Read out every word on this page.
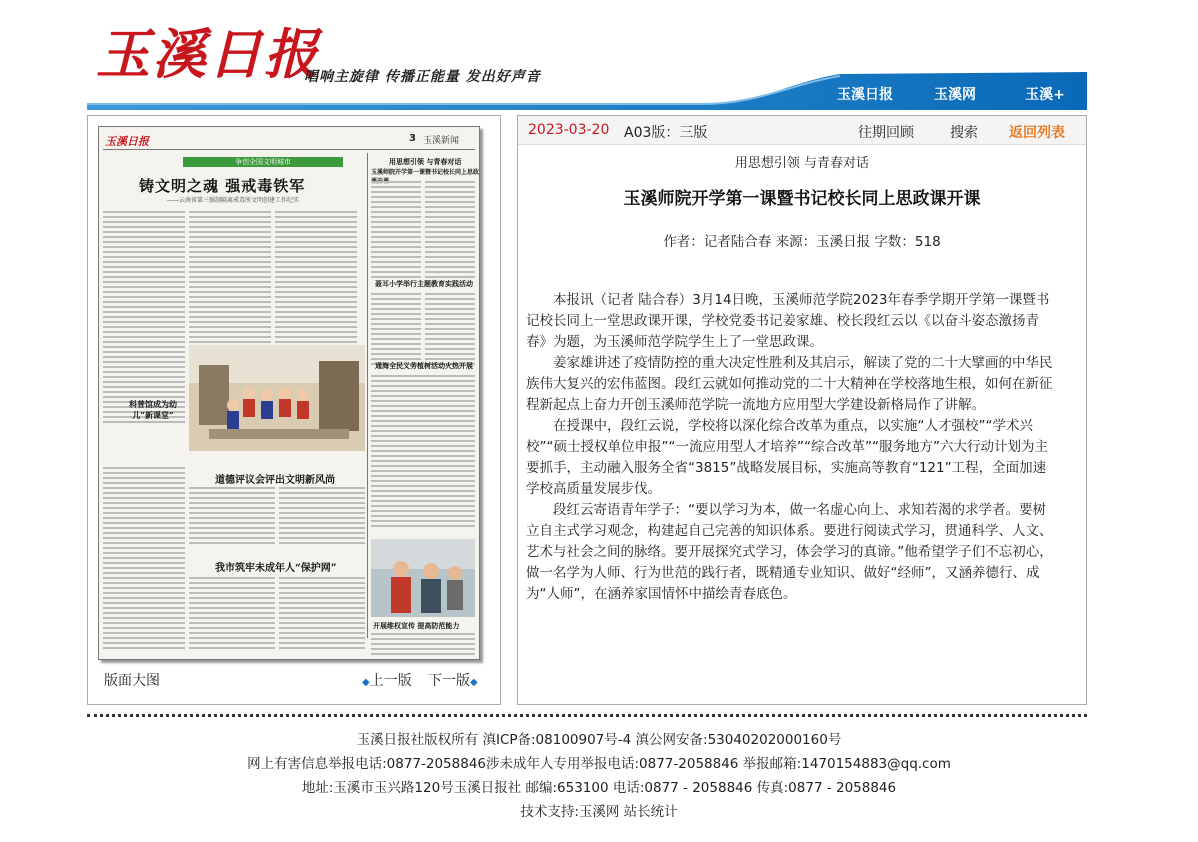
玉溪日报
唱响主旋律 传播正能量 发出好声音
玉溪日报	玉溪网	玉溪+
玉溪日报	3 玉溪新闻
争创全国文明城市
铸文明之魂 强戒毒铁军
——云南省第三强制隔离戒毒所文明创建工作纪实
用思想引领 与青春对话
玉溪师院开学第一课暨书记校长同上思政
聂耳小学举行主题教育实践活动
通海全民义务植树活动火热开展
科普馆成为幼儿“新课堂”
道德评议会评出文明新风尚
我市筑牢未成年人“保护网”
开展维权宣传 提高防范能力
版面大图	◆上一版 下一版◆
2023-03-20 A03版：三版	往期回顾	搜索 返回列表
用思想引领 与青春对话
玉溪师院开学第一课暨书记校长同上思政课开课
作者：记者陆合春 来源：玉溪日报 字数：518

本报讯（记者 陆合春）3月14日晚，玉溪师范学院2023年春季学期开学第一课暨书记校长同上一堂思政课开课，学校党委书记姜家雄、校长段红云以《以奋斗姿态激扬青春》为题，为玉溪师范学院学生上了一堂思政课。

姜家雄讲述了疫情防控的重大决定性胜利及其启示，解读了党的二十大擘画的中华民族伟大复兴的宏伟蓝图。段红云就如何推动党的二十大精神在学校落地生根，如何在新征程新起点上奋力开创玉溪师范学院一流地方应用型大学建设新格局作了讲解。

在授课中，段红云说，学校将以深化综合改革为重点，以实施“人才强校”“学术兴校”“硕士授权单位申报”“一流应用型人才培养”“综合改革”“服务地方”六大行动计划为主要抓手，主动融入服务全省“3815”战略发展目标，实施高等教育“121”工程，全面加速学校高质量发展步伐。

段红云寄语青年学子：“要以学习为本，做一名虚心向上、求知若渴的求学者。要树立自主式学习观念，构建起自己完善的知识体系。要进行阅读式学习，贯通科学、人文、艺术与社会之间的脉络。要开展探究式学习，体会学习的真谛。”他希望学子们不忘初心，做一名学为人师、行为世范的践行者，既精通专业知识、做好“经师”，又涵养德行、成为“人师”，在涵养家国情怀中描绘青春底色。

玉溪日报社版权所有 滇ICP备:08100907号-4 滇公网安备:53040202000160号
网上有害信息举报电话:0877-2058846涉未成年人专用举报电话:0877-2058846 举报邮箱:1470154883@qq.com
地址:玉溪市玉兴路120号玉溪日报社 邮编:653100 电话:0877 - 2058846 传真:0877 - 2058846
技术支持:玉溪网 站长统计
